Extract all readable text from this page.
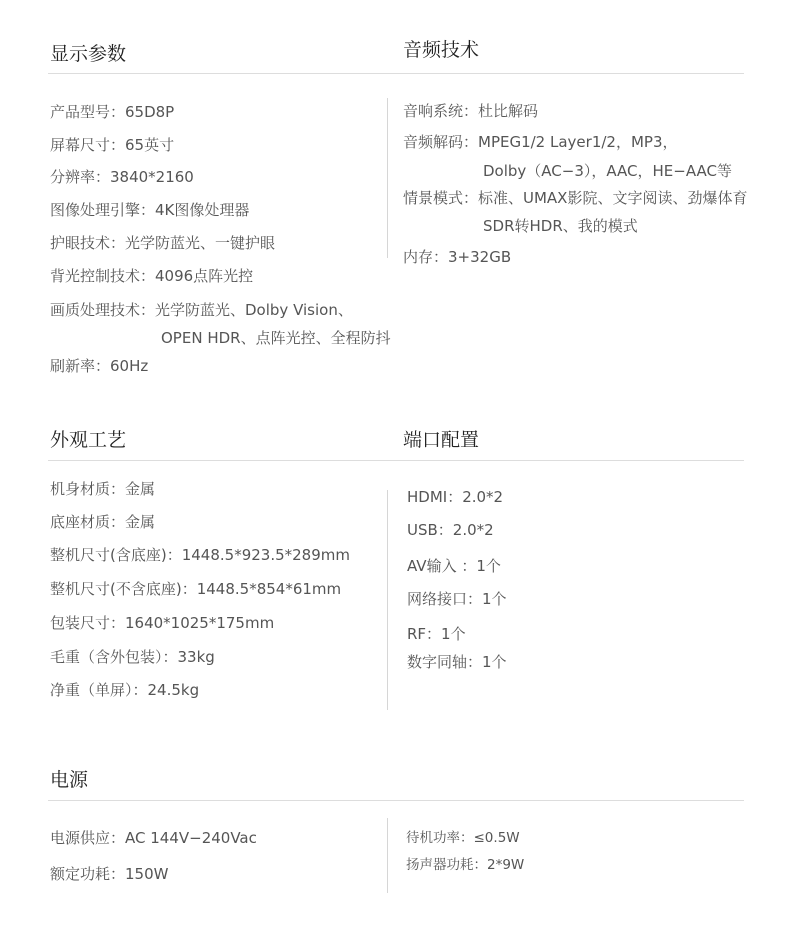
显示参数	音频技术
产品型号：65D8P
屏幕尺寸：65英寸
分辨率：3840*2160
图像处理引擎：4K图像处理器
护眼技术：光学防蓝光、一键护眼
背光控制技术：4096点阵光控
画质处理技术：光学防蓝光、Dolby Vision、
OPEN HDR、点阵光控、全程防抖
刷新率：60Hz
音响系统：杜比解码
音频解码：MPEG1/2 Layer1/2，MP3，
Dolby（AC−3），AAC，HE−AAC等
情景模式：标准、UMAX影院、文字阅读、劲爆体育
SDR转HDR、我的模式
内存：3+32GB
外观工艺	端口配置
机身材质：金属
底座材质：金属
整机尺寸(含底座)：1448.5*923.5*289mm
整机尺寸(不含底座)：1448.5*854*61mm
包装尺寸：1640*1025*175mm
毛重（含外包装）：33kg
净重（单屏）：24.5kg
HDMI：2.0*2
USB：2.0*2
AV输入 ：1个
网络接口：1个
RF：1个
数字同轴：1个
电源
电源供应：AC 144V−240Vac
额定功耗：150W
待机功率：≤0.5W
扬声器功耗：2*9W
